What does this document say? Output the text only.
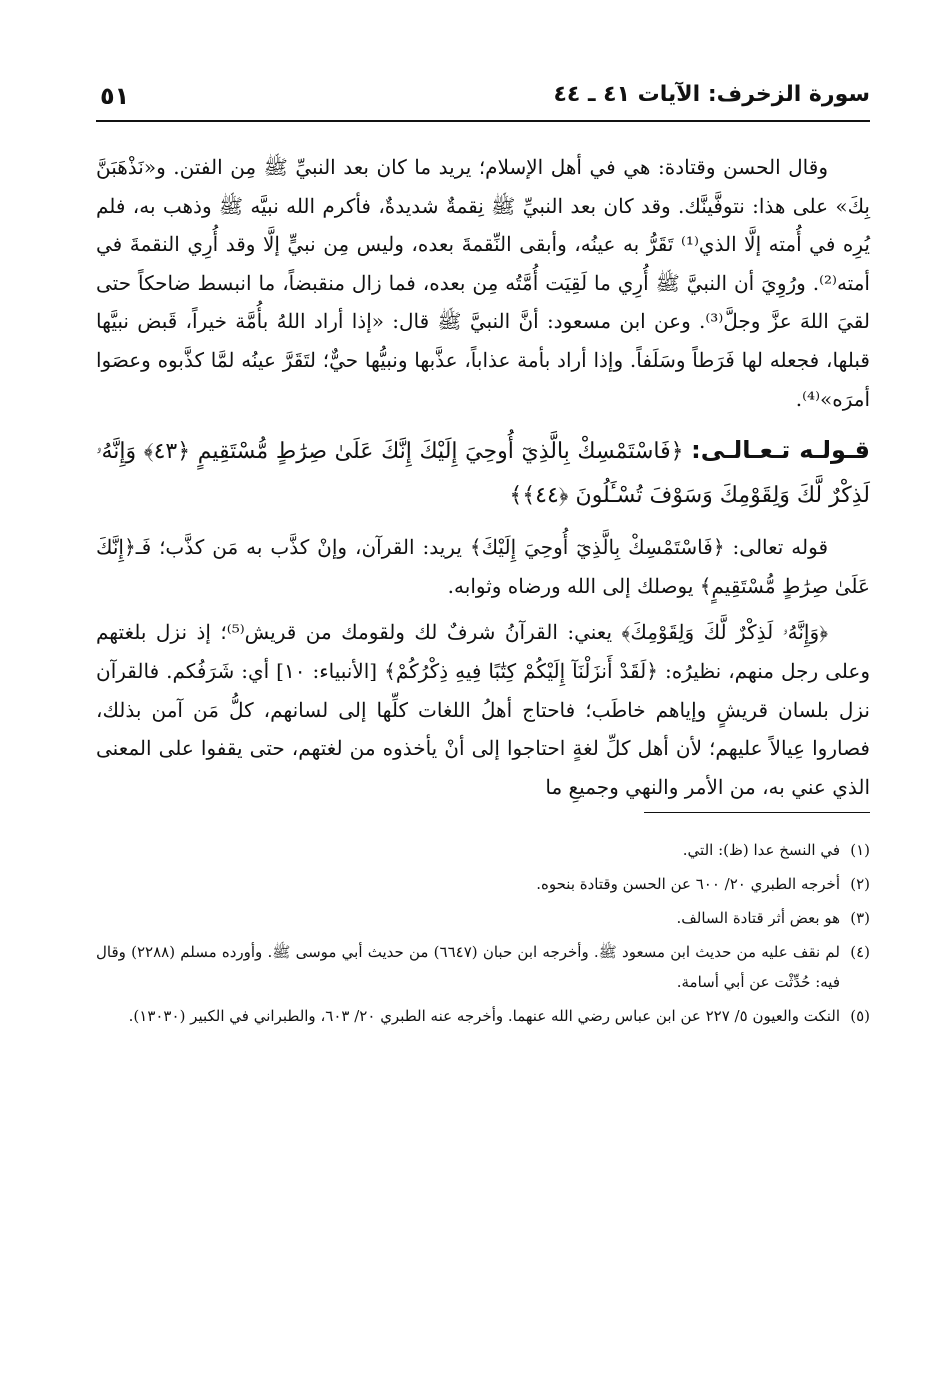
سورة الزخرف: الآيات ٤١ ـ ٤٤
٥١

وقال الحسن وقتادة: هي في أهل الإسلام؛ يريد ما كان بعد النبيِّ ﷺ مِن الفتن. و«نَذْهَبَنَّ بِكَ» على هذا: نتوفَّينَّك. وقد كان بعد النبيِّ ﷺ نِقمةٌ شديدةٌ، فأكرم الله نبيَّه ﷺ وذهب به، فلم يُرِه في أُمته إلَّا الذي⁽¹⁾ تَقَرُّ به عينُه، وأبقى النِّقمةَ بعده، وليس مِن نبيٍّ إلَّا وقد أُرِي النقمةَ في أمته⁽²⁾. ورُوِيَ أن النبيَّ ﷺ أُرِي ما لَقِيَت أُمَّتُه مِن بعده، فما زال منقبضاً، ما انبسط ضاحكاً حتى لقيَ اللهَ عزَّ وجلَّ⁽³⁾. وعن ابن مسعود: أنَّ النبيَّ ﷺ قال: «إذا أراد اللهُ بأُمَّة خيراً، قَبض نبيَّها قبلها، فجعله لها فَرَطاً وسَلَفاً. وإذا أراد بأمة عذاباً، عذَّبها ونبيُّها حيٌّ؛ لتَقَرَّ عينُه لمَّا كذَّبوه وعصَوا أمرَه»⁽⁴⁾.

قـولـه تـعـالـى: ﴿فَاسْتَمْسِكْ بِالَّذِيٓ أُوحِيَ إِلَيْكَ إِنَّكَ عَلَىٰ صِرَٰطٍ مُّسْتَقِيمٍ ﴿٤٣﴾ وَإِنَّهُۥ لَذِكْرٌ لَّكَ وَلِقَوْمِكَ وَسَوْفَ تُسْـَٔلُونَ ﴿٤٤﴾﴾

قوله تعالى: ﴿فَاسْتَمْسِكْ بِالَّذِيٓ أُوحِيَ إِلَيْكَ﴾ يريد: القرآن، وإنْ كذَّب به مَن كذَّب؛ فَـ﴿إِنَّكَ عَلَىٰ صِرَٰطٍ مُّسْتَقِيمٍ﴾ يوصلك إلى الله ورضاه وثوابه.

﴿وَإِنَّهُۥ لَذِكْرٌ لَّكَ وَلِقَوْمِكَ﴾ يعني: القرآنُ شرفٌ لك ولقومك من قريش⁽⁵⁾؛ إذ نزل بلغتهم وعلى رجل منهم، نظيرُه: ﴿لَقَدْ أَنزَلْنَآ إِلَيْكُمْ كِتَٰبًا فِيهِ ذِكْرُكُمْ﴾ [الأنبياء: ١٠] أي: شَرَفُكم. فالقرآن نزل بلسان قريشٍ وإياهم خاطَب؛ فاحتاج أهلُ اللغات كلِّها إلى لسانهم، كلُّ مَن آمن بذلك، فصاروا عِيالاً عليهم؛ لأن أهل كلِّ لغةٍ احتاجوا إلى أنْ يأخذوه من لغتهم، حتى يقفوا على المعنى الذي عني به، من الأمر والنهي وجميعِ ما

(١)في النسخ عدا (ظ): التي.

(٢)أخرجه الطبري ٢٠/ ٦٠٠ عن الحسن وقتادة بنحوه.

(٣)هو بعض أثر قتادة السالف.

(٤)لم نقف عليه من حديث ابن مسعود ﷺ. وأخرجه ابن حبان (٦٦٤٧) من حديث أبي موسى ﷺ. وأورده مسلم (٢٢٨٨) وقال فيه: حُدِّثْت عن أبي أسامة.

(٥)النكت والعيون ٥/ ٢٢٧ عن ابن عباس رضي الله عنهما. وأخرجه عنه الطبري ٢٠/ ٦٠٣، والطبراني في الكبير (١٣٠٣٠).
